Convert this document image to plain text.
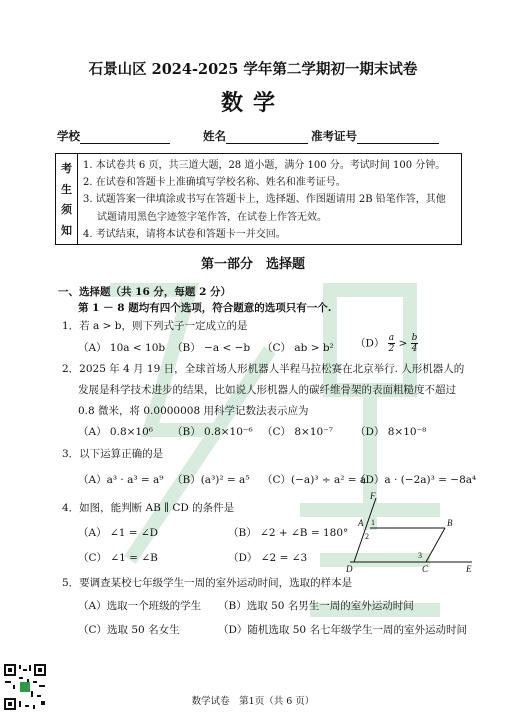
石景山区 2024-2025 学年第二学期初一期末试卷
数学
学校	姓名	准考证号
考
生
须
知
1. 本试卷共 6 页，共三道大题，28 道小题，满分 100 分。考试时间 100 分钟。
2. 在试卷和答题卡上准确填写学校名称、姓名和准考证号。
3. 试题答案一律填涂或书写在答题卡上，选择题、作图题请用 2B 铅笔作答，其他
试题请用黑色字迹签字笔作答，在试卷上作答无效。
4. 考试结束，请将本试卷和答题卡一并交回。
第一部分　选择题
一、选择题（共 16 分，每题 2 分）
第 1 － 8 题均有四个选项，符合题意的选项只有一个.
1．若 a > b，则下列式子一定成立的是
（A） 10a < 10b （B） −a < −b （C） ab > b² $(D) \frac{a}{2} > \frac{b}{4}$
2．2025 年 4 月 19 日，全球首场人形机器人半程马拉松赛在北京举行. 人形机器人的
发展是科学技术进步的结果，比如说人形机器人的碳纤维骨架的表面粗糙度不超过
0.8 微米，将 0.0000008 用科学记数法表示应为
（A） 0.8×10⁶ （B） 0.8×10⁻⁶ （C） 8×10⁻⁷ （D） 8×10⁻⁸
3．以下运算正确的是
（A）a³ · a³ = a⁹ （B）(a³)² = a⁵ （C）(−a)³ ÷ a² = a
（D）a · (−2a)³ = −8a⁴
4．如图，能判断 AB ∥ CD 的条件是
（A） ∠1 = ∠D	（B） ∠2 + ∠B = 180°
（C） ∠1 = ∠B	（D） ∠2 = ∠3
F
A	B
D	C	E
1
2
3
5．要调查某校七年级学生一周的室外运动时间，选取的样本是
（A）选取一个班级的学生 （B）选取 50 名男生一周的室外运动时间
（C）选取 50 名女生	（D）随机选取 50 名七年级学生一周的室外运动时间
数学试卷　第1页（共 6 页）
